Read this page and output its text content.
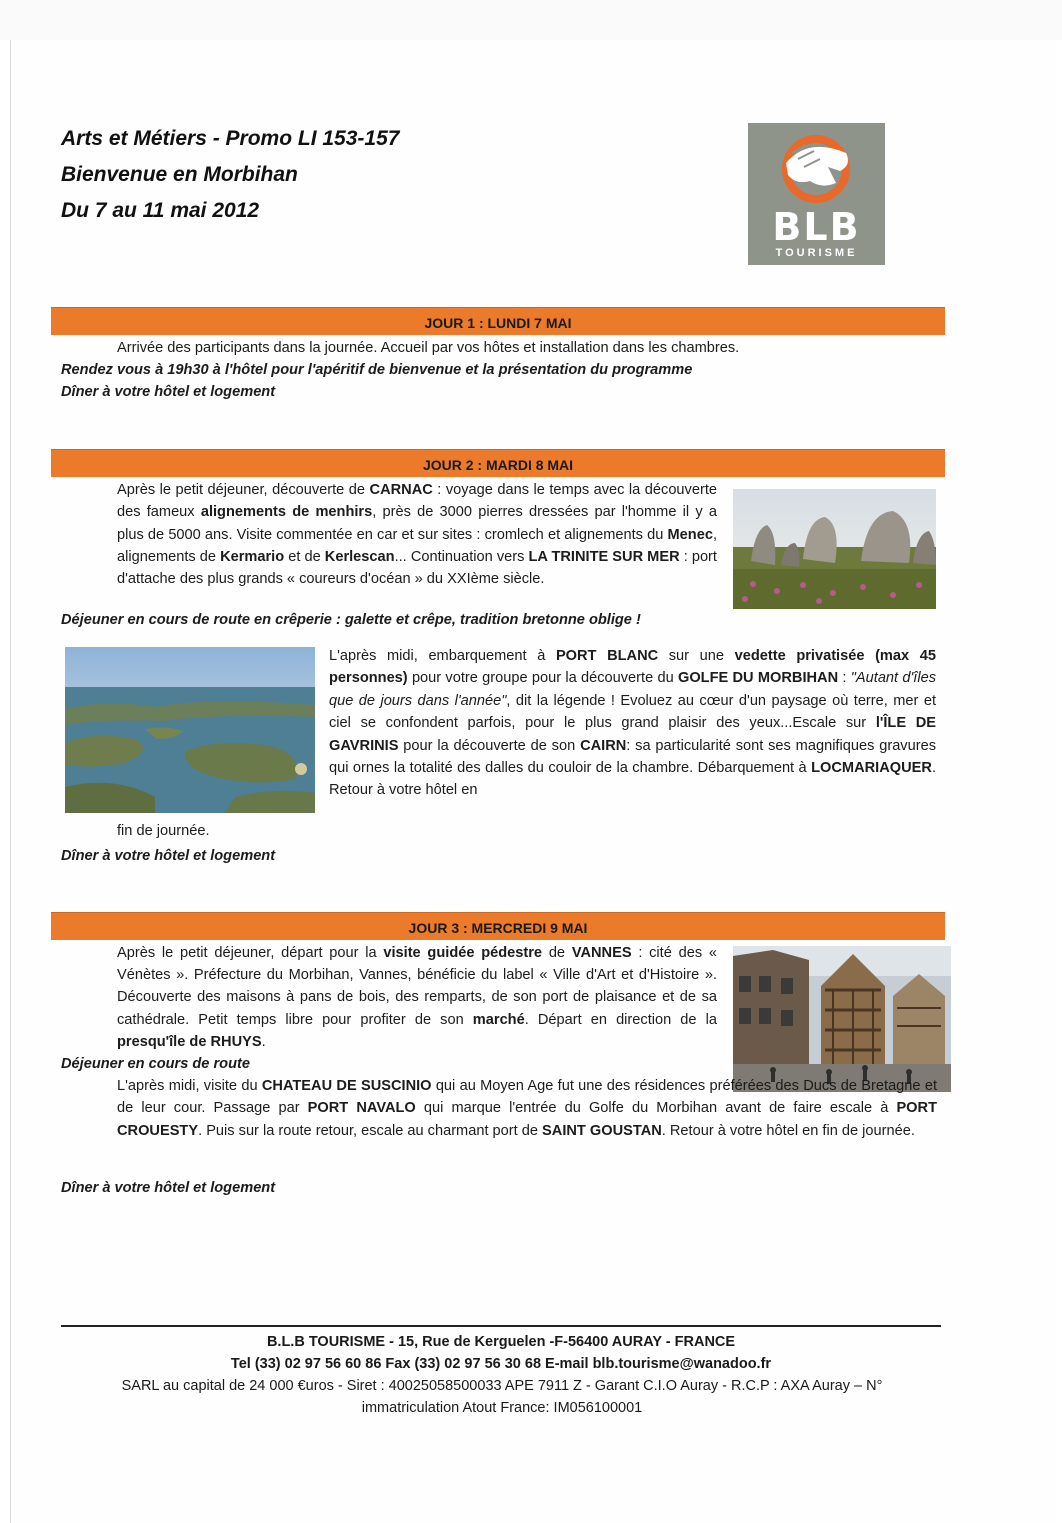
Arts et Métiers - Promo LI 153-157
Bienvenue en Morbihan
Du 7 au 11 mai 2012	BLB
TOURISME
JOUR 1 : LUNDI 7 MAI
Arrivée des participants dans la journée. Accueil par vos hôtes et installation dans les chambres.
Rendez vous à 19h30 à l'hôtel pour l'apéritif de bienvenue et la présentation du programme
Dîner à votre hôtel et logement
JOUR 2 : MARDI 8 MAI
Après le petit déjeuner, découverte de CARNAC : voyage dans le temps avec la découverte des fameux alignements de menhirs, près de 3000 pierres dressées par l'homme il y a plus de 5000 ans. Visite commentée en car et sur sites : cromlech et alignements du Menec, alignements de Kermario et de Kerlescan... Continuation vers LA TRINITE SUR MER : port d'attache des plus grands « coureurs d'océan » du XXIème siècle.
Déjeuner en cours de route en crêperie : galette et crêpe, tradition bretonne oblige !
L'après midi, embarquement à PORT BLANC sur une vedette privatisée (max 45 personnes) pour votre groupe pour la découverte du GOLFE DU MORBIHAN : "Autant d'îles que de jours dans l'année", dit la légende ! Evoluez au cœur d'un paysage où terre, mer et ciel se confondent parfois, pour le plus grand plaisir des yeux...Escale sur l'ÎLE DE GAVRINIS pour la découverte de son CAIRN: sa particularité sont ses magnifiques gravures qui ornes la totalité des dalles du couloir de la chambre. Débarquement à LOCMARIAQUER. Retour à votre hôtel en
fin de journée.
Dîner à votre hôtel et logement
JOUR 3 : MERCREDI 9 MAI
Après le petit déjeuner, départ pour la visite guidée pédestre de VANNES : cité des « Vénètes ». Préfecture du Morbihan, Vannes, bénéficie du label « Ville d'Art et d'Histoire ». Découverte des maisons à pans de bois, des remparts, de son port de plaisance et de sa cathédrale. Petit temps libre pour profiter de son marché. Départ en direction de la presqu'île de RHUYS.
Déjeuner en cours de route
L'après midi, visite du CHATEAU DE SUSCINIO qui au Moyen Age fut une des résidences préférées des Ducs de Bretagne et de leur cour. Passage par PORT NAVALO qui marque l'entrée du Golfe du Morbihan avant de faire escale à PORT CROUESTY. Puis sur la route retour, escale au charmant port de SAINT GOUSTAN. Retour à votre hôtel en fin de journée.
Dîner à votre hôtel et logement
B.L.B TOURISME - 15, Rue de Kerguelen -F-56400 AURAY - FRANCE
Tel (33) 02 97 56 60 86 Fax (33) 02 97 56 30 68 E-mail blb.tourisme@wanadoo.fr
SARL au capital de 24 000 €uros - Siret : 40025058500033 APE 7911 Z - Garant C.I.O Auray - R.C.P : AXA Auray – N° immatriculation Atout France: IM056100001
